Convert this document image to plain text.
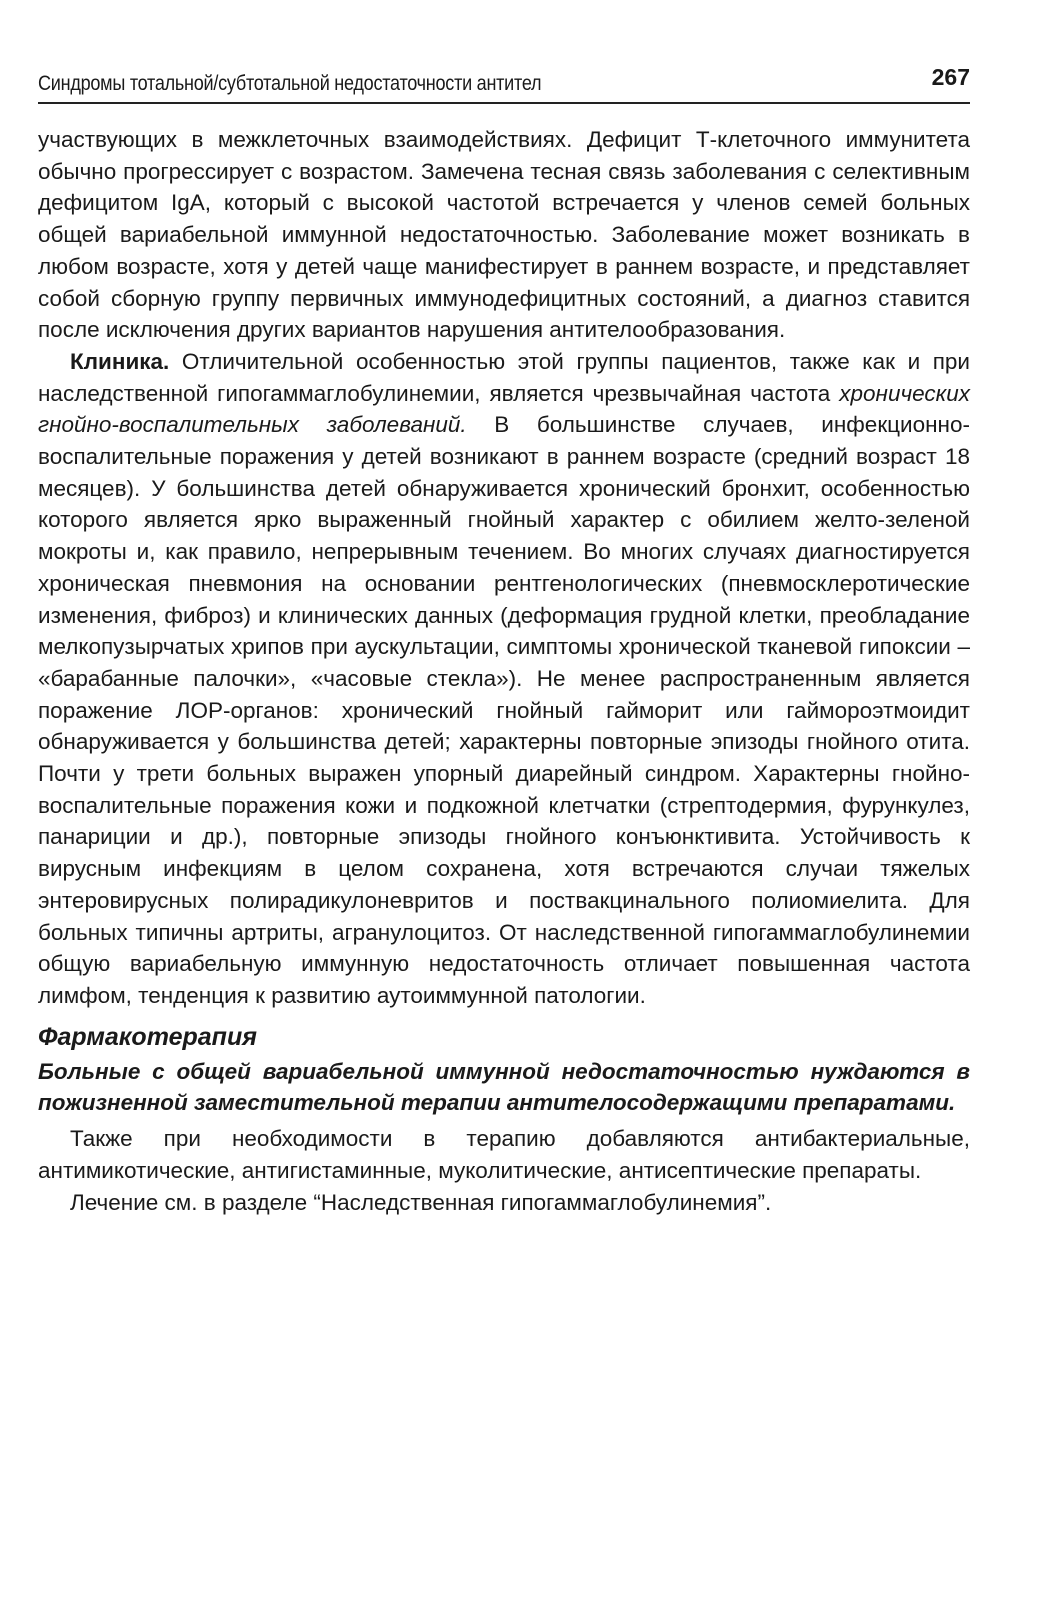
Синдромы тотальной/субтотальной недостаточности антител	267

участвующих в межклеточных взаимодействиях. Дефицит Т-клеточного иммунитета обычно прогрессирует с возрастом. Замечена тесная связь заболевания с селективным дефицитом IgA, который с высокой частотой встречается у членов семей больных общей вариабельной иммунной недостаточностью. Заболевание может возникать в любом возрасте, хотя у детей чаще манифестирует в раннем возрасте, и представляет собой сборную группу первичных иммунодефицитных состояний, а диагноз ставится после исключения других вариантов нарушения антителообразования.

Клиника. Отличительной особенностью этой группы пациентов, также как и при наследственной гипогаммаглобулинемии, является чрезвычайная частота хронических гнойно-воспалительных заболеваний. В большинстве случаев, инфекционно-воспалительные поражения у детей возникают в раннем возрасте (средний возраст 18 месяцев). У большинства детей обнаруживается хронический бронхит, особенностью которого является ярко выраженный гнойный характер с обилием желто-зеленой мокроты и, как правило, непрерывным течением. Во многих случаях диагностируется хроническая пневмония на основании рентгенологических (пневмосклеротические изменения, фиброз) и клинических данных (деформация грудной клетки, преобладание мелкопузырчатых хрипов при аускультации, симптомы хронической тканевой гипоксии – «барабанные палочки», «часовые стекла»). Не менее распространенным является поражение ЛОР-органов: хронический гнойный гайморит или гаймороэтмоидит обнаруживается у большинства детей; характерны повторные эпизоды гнойного отита. Почти у трети больных выражен упорный диарейный синдром. Характерны гнойно-воспалительные поражения кожи и подкожной клетчатки (стрептодермия, фурункулез, панариции и др.), повторные эпизоды гнойного конъюнктивита. Устойчивость к вирусным инфекциям в целом сохранена, хотя встречаются случаи тяжелых энтеровирусных полирадикулоневритов и поствакцинального полиомиелита. Для больных типичны артриты, агранулоцитоз. От наследственной гипогаммаглобулинемии общую вариабельную иммунную недостаточность отличает повышенная частота лимфом, тенденция к развитию аутоиммунной патологии.

Фармакотерапия

Больные с общей вариабельной иммунной недостаточностью нуждаются в пожизненной заместительной терапии антителосодержащими препаратами.

Также при необходимости в терапию добавляются антибактериальные, антимикотические, антигистаминные, муколитические, антисептические препараты.

Лечение см. в разделе “Наследственная гипогаммаглобулинемия”.
